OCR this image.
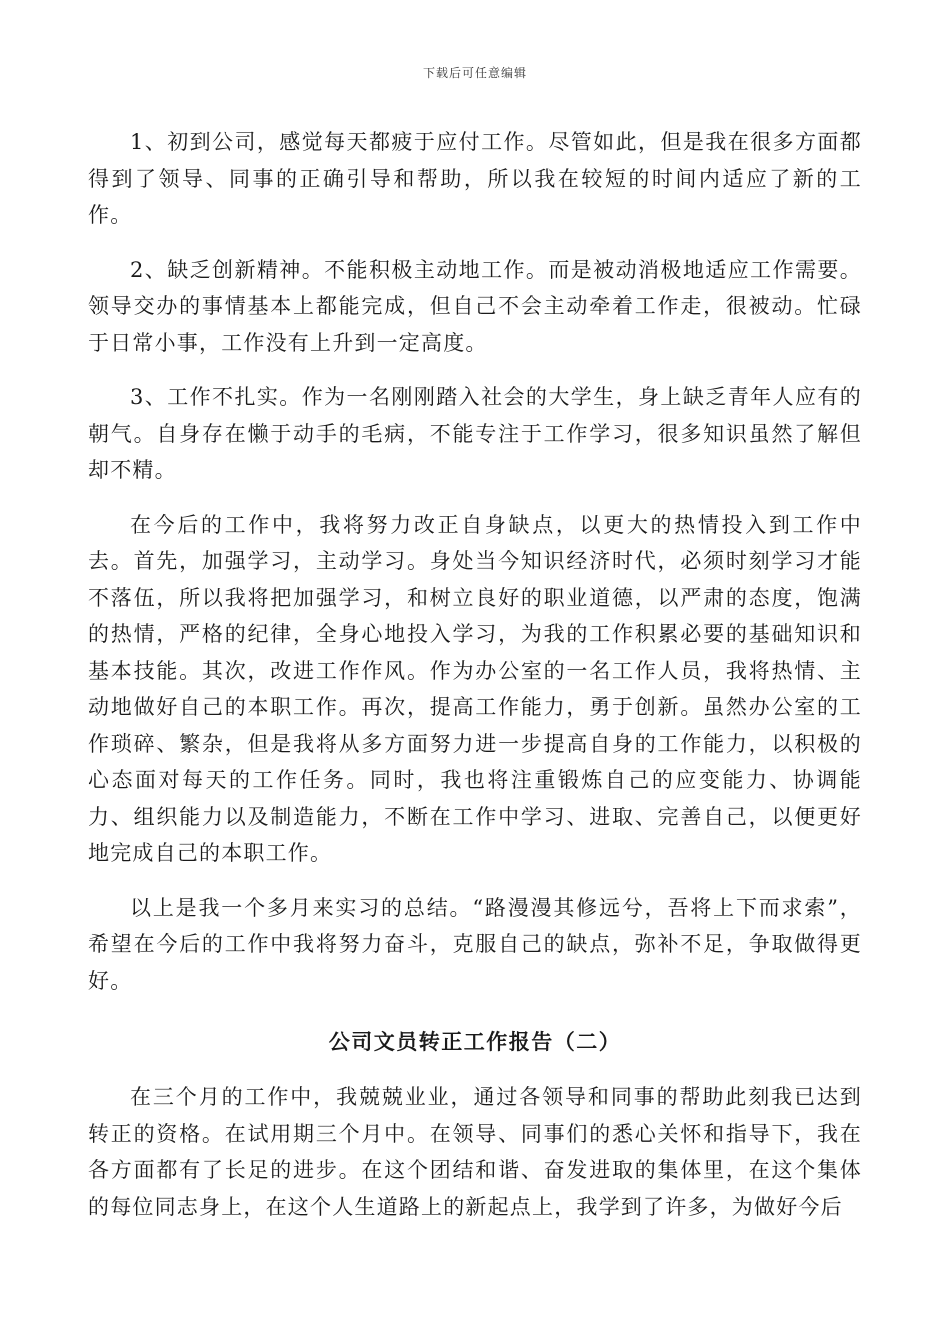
下载后可任意编辑

1、初到公司，感觉每天都疲于应付工作。尽管如此，但是我在很多方面都得到了领导、同事的正确引导和帮助，所以我在较短的时间内适应了新的工作。

2、缺乏创新精神。不能积极主动地工作。而是被动消极地适应工作需要。领导交办的事情基本上都能完成，但自己不会主动牵着工作走，很被动。忙碌于日常小事，工作没有上升到一定高度。

3、工作不扎实。作为一名刚刚踏入社会的大学生，身上缺乏青年人应有的朝气。自身存在懒于动手的毛病，不能专注于工作学习，很多知识虽然了解但却不精。

在今后的工作中，我将努力改正自身缺点，以更大的热情投入到工作中去。首先，加强学习，主动学习。身处当今知识经济时代，必须时刻学习才能不落伍，所以我将把加强学习，和树立良好的职业道德，以严肃的态度，饱满的热情，严格的纪律，全身心地投入学习，为我的工作积累必要的基础知识和基本技能。其次，改进工作作风。作为办公室的一名工作人员，我将热情、主动地做好自己的本职工作。再次，提高工作能力，勇于创新。虽然办公室的工作琐碎、繁杂，但是我将从多方面努力进一步提高自身的工作能力，以积极的心态面对每天的工作任务。同时，我也将注重锻炼自己的应变能力、协调能力、组织能力以及制造能力，不断在工作中学习、进取、完善自己，以便更好地完成自己的本职工作。

以上是我一个多月来实习的总结。“路漫漫其修远兮，吾将上下而求索”，希望在今后的工作中我将努力奋斗，克服自己的缺点，弥补不足，争取做得更好。

公司文员转正工作报告（二）

在三个月的工作中，我兢兢业业，通过各领导和同事的帮助此刻我已达到转正的资格。在试用期三个月中。在领导、同事们的悉心关怀和指导下，我在各方面都有了长足的进步。在这个团结和谐、奋发进取的集体里，在这个集体的每位同志身上，在这个人生道路上的新起点上，我学到了许多，为做好今后
